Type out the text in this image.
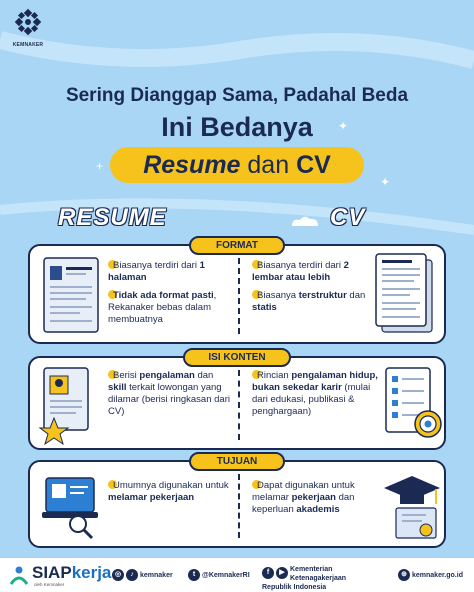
KEMNAKER
Sering Dianggap Sama, Padahal Beda
Ini Bedanya
Resume dan CV
✦
+
✦
RESUME	CV
FORMAT
Biasanya terdiri dari 1 halaman
Tidak ada format pasti, Rekanaker bebas dalam membuatnya
Biasanya terdiri dari 2 lembar atau lebih
Biasanya terstruktur dan statis
ISI KONTEN
Berisi pengalaman dan skill terkait lowongan yang dilamar (berisi ringkasan dari CV)
Rincian pengalaman hidup, bukan sekedar karir (mulai dari edukasi, publikasi & penghargaan)
TUJUAN
Umumnya digunakan untuk melamar pekerjaan
Dapat digunakan untuk melamar pekerjaan dan keperluan akademis
SIAPkerja
oleh Kemnaker
◎ ♪ kemnaker	t @KemnakerRI	f	▶ Kementerian Ketenagakerjaan
Republik Indonesia
⊕ kemnaker.go.id
